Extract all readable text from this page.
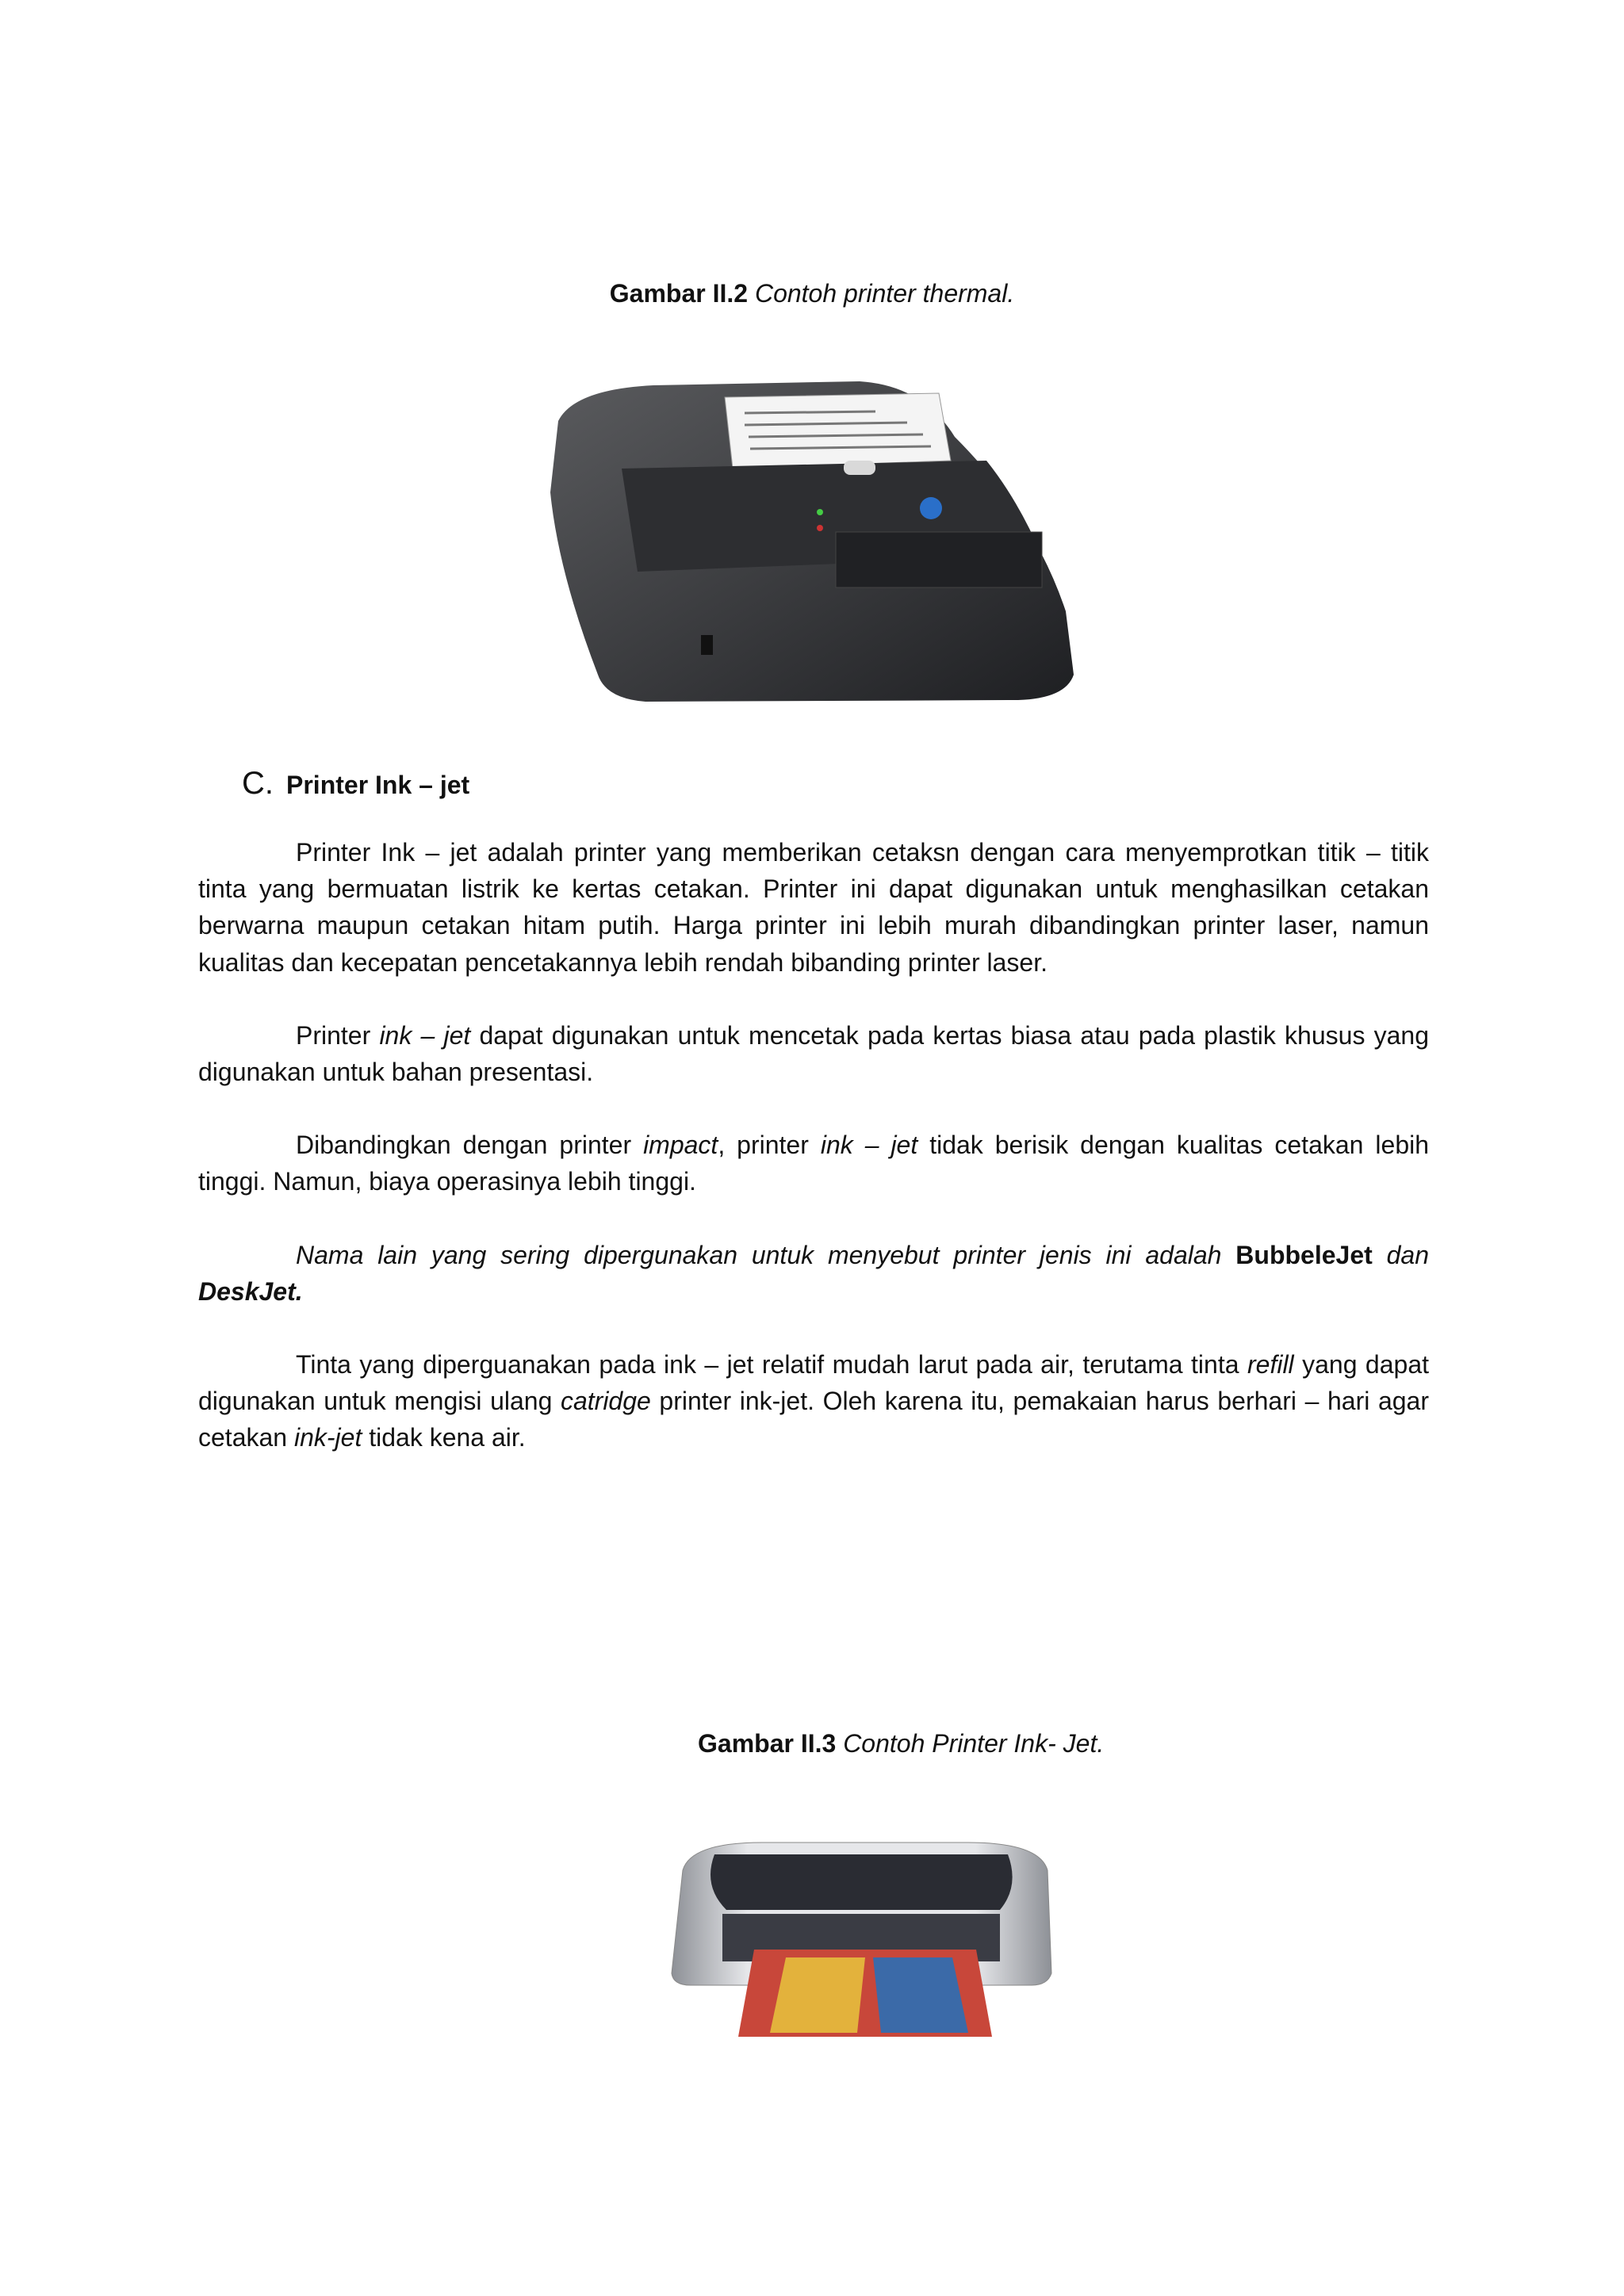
Gambar II.2 Contoh printer thermal.
C. Printer Ink – jet

Printer Ink – jet adalah printer yang memberikan cetaksn dengan cara menyemprotkan titik – titik tinta yang bermuatan listrik ke kertas cetakan. Printer ini dapat digunakan untuk menghasilkan cetakan berwarna maupun cetakan hitam putih. Harga printer ini lebih murah dibandingkan printer laser, namun kualitas dan kecepatan pencetakannya lebih rendah bibanding printer laser.

Printer ink – jet dapat digunakan untuk mencetak pada kertas biasa atau pada plastik khusus yang digunakan untuk bahan presentasi.

Dibandingkan dengan printer impact, printer ink – jet tidak berisik dengan kualitas cetakan lebih tinggi. Namun, biaya operasinya lebih tinggi.

Nama lain yang sering dipergunakan untuk menyebut printer jenis ini adalah BubbeleJet dan DeskJet.

Tinta yang diperguanakan pada ink – jet relatif mudah larut pada air, terutama tinta refill yang dapat digunakan untuk mengisi ulang catridge printer ink-jet. Oleh karena itu, pemakaian harus berhari – hari agar cetakan ink-jet tidak kena air.

Gambar II.3 Contoh Printer Ink- Jet.
